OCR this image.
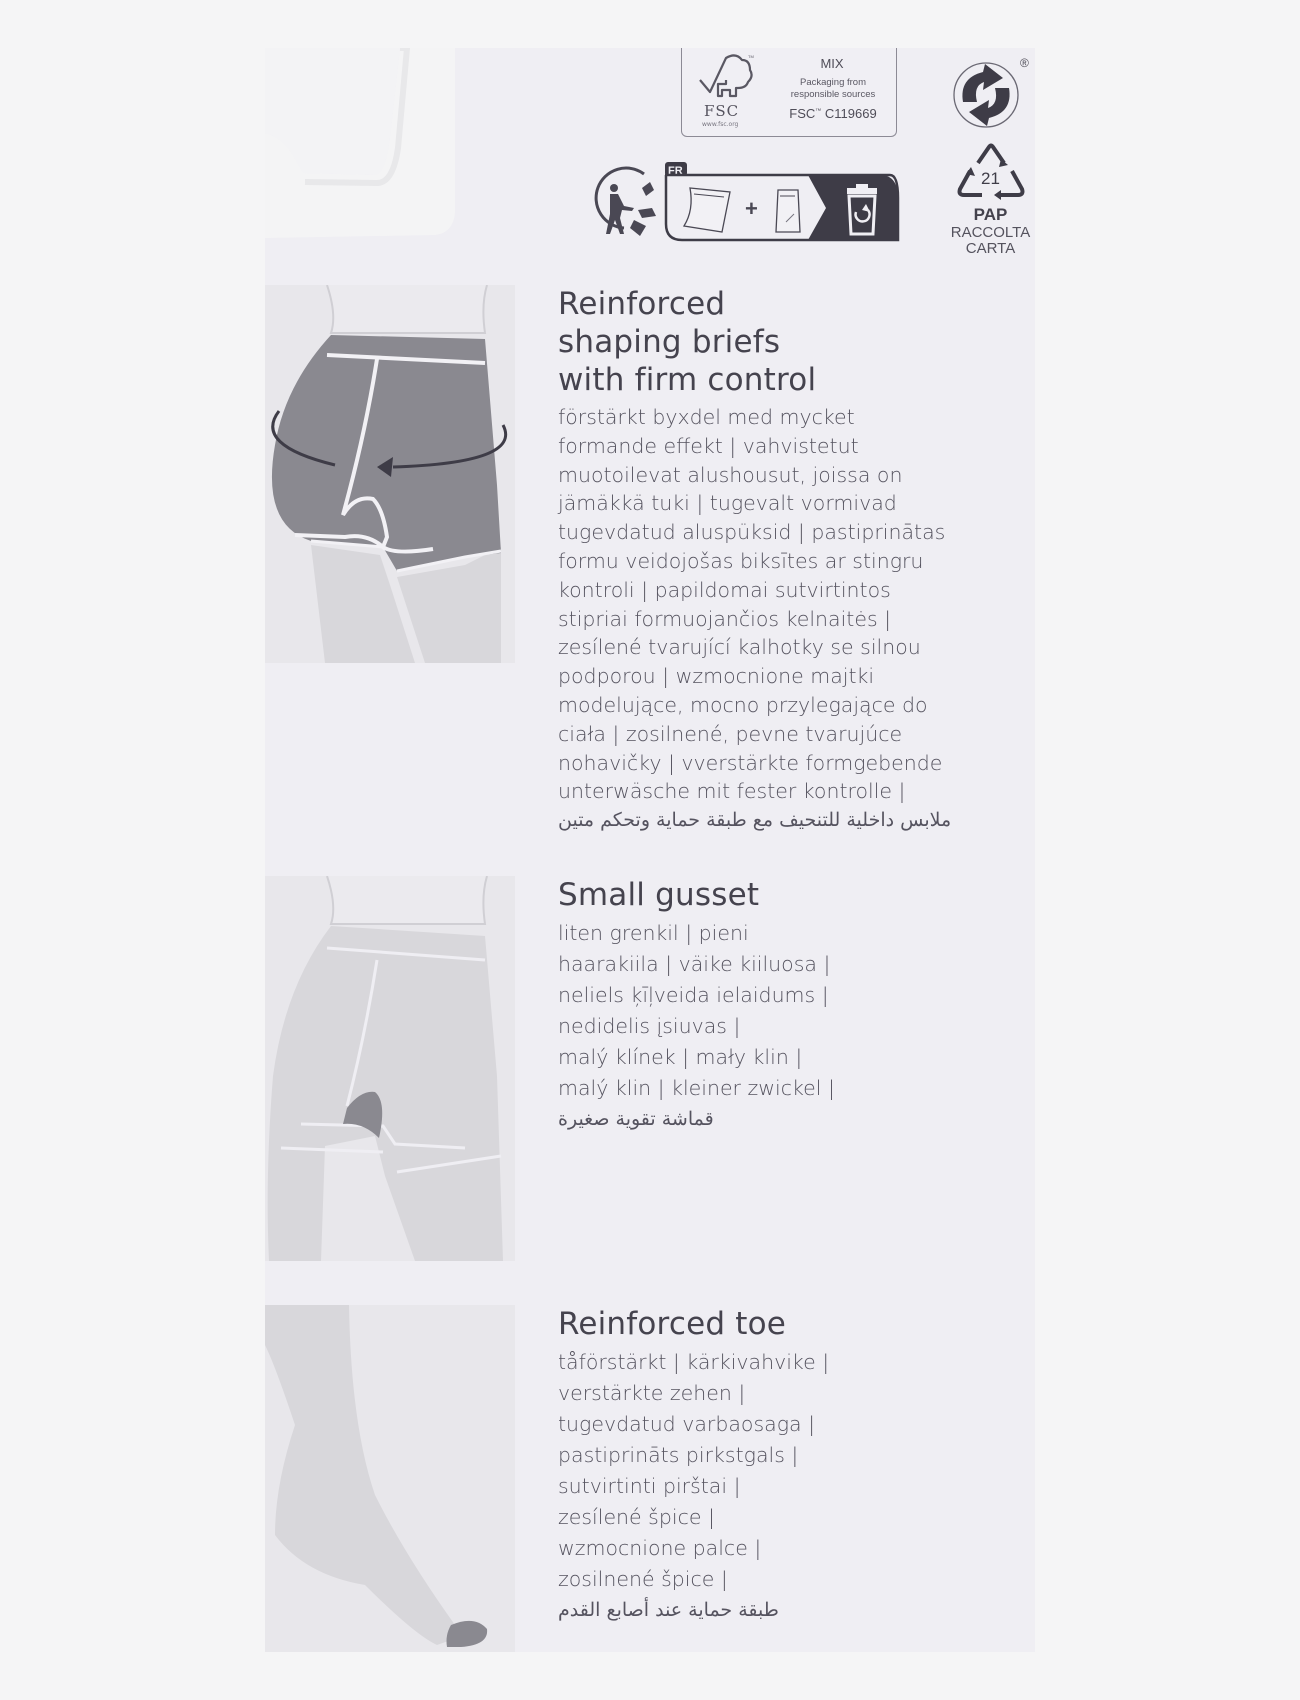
TM
FSC
www.fsc.org
MIX
Packaging from
responsible sources
FSC™ C119669
FR
+
®
21
PAP
RACCOLTA
CARTA
Reinforced
shaping briefs
with firm control
förstärkt byxdel med mycket
formande effekt | vahvistetut
muotoilevat alushousut, joissa on
jämäkkä tuki | tugevalt vormivad
tugevdatud aluspüksid | pastiprinātas
formu veidojošas biksītes ar stingru
kontroli | papildomai sutvirtintos
stipriai formuojančios kelnaitės |
zesílené tvarující kalhotky se silnou
podporou | wzmocnione majtki
modelujące, mocno przylegające do
ciała | zosilnené, pevne tvarujúce
nohavičky | vverstärkte formgebende
unterwäsche mit fester kontrolle |
ملابس داخلية للتنحيف مع طبقة حماية وتحكم متين
Small gusset
liten grenkil | pieni
haarakiila | väike kiiluosa |
neliels ķīļveida ielaidums |
nedidelis įsiuvas |
malý klínek | mały klin |
malý klin | kleiner zwickel |
قماشة تقوية صغيرة
Reinforced toe
tåförstärkt | kärkivahvike |
verstärkte zehen |
tugevdatud varbaosaga |
pastiprināts pirkstgals |
sutvirtinti pirštai |
zesílené špice |
wzmocnione palce |
zosilnené špice |
طبقة حماية عند أصابع القدم
